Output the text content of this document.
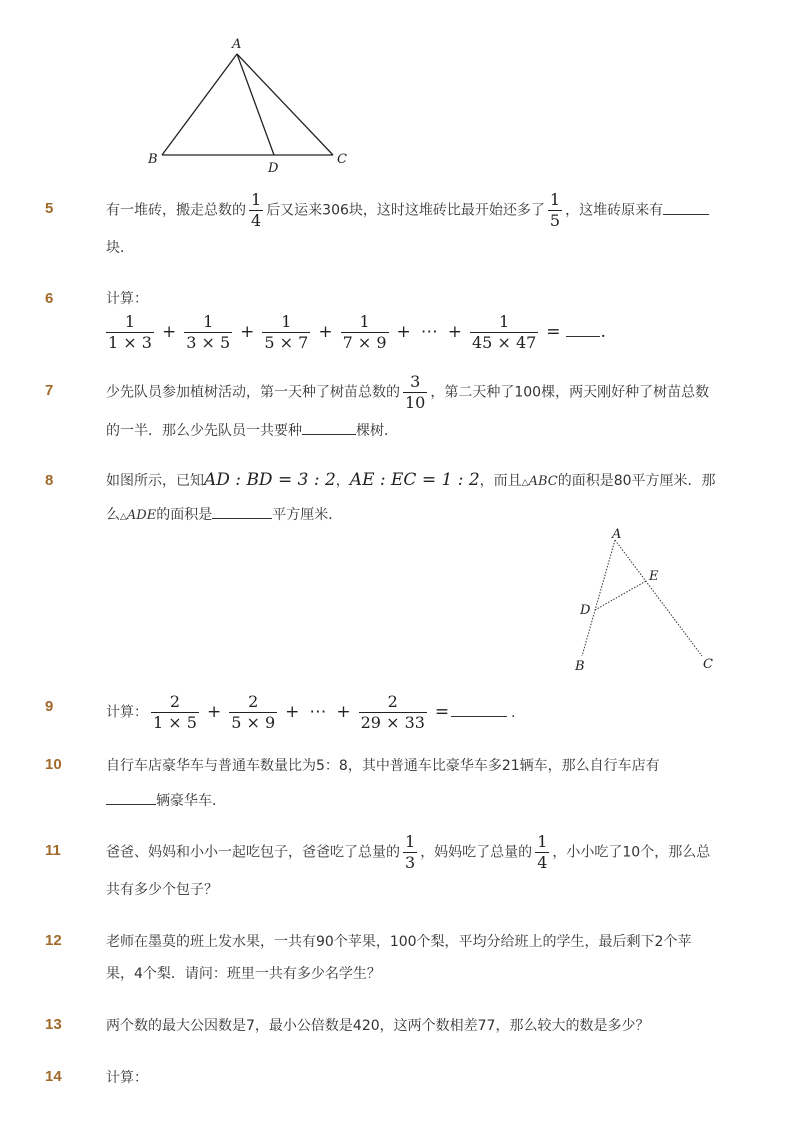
A
B	C
D
5	有一堆砖，搬走总数的 $\frac{1}{4}$ 后又运来306块，这时这堆砖比最开始还多了 $\frac{1}{5}$ ，这堆砖原来有
块．
6	计算：
$\frac{1}{1 \times 3} + \frac{1}{3 \times 5} + \frac{1}{5 \times 7} + \frac{1}{7 \times 9}$ + ⋯ + $\frac{1}{45 \times 47}$ = .
7	少先队员参加植树活动，第一天种了树苗总数的 $\frac{3}{10}$ ，第二天种了100棵，两天刚好种了树苗总数
的一半．那么少先队员一共要种	棵树．
8	如图所示，已知AD : BD = 3 : 2，AE : EC = 1 : 2，而且△ABC的面积是80平方厘米．那
么△ADE的面积是	平方厘米．
A
E
D
B	C
9	计算： $\frac{2}{1 \times 5} + \frac{2}{5 \times 9}$ + ⋯ + $\frac{2}{29 \times 33}$ =	．
10	自行车店豪华车与普通车数量比为5：8，其中普通车比豪华车多21辆车，那么自行车店有
辆豪华车．
11	爸爸、妈妈和小小一起吃包子，爸爸吃了总量的 $\frac{1}{3}$ ，妈妈吃了总量的 $\frac{1}{4}$ ，小小吃了10个，那么总
共有多少个包子？
12	老师在墨莫的班上发水果，一共有90个苹果，100个梨，平均分给班上的学生，最后剩下2个苹
果，4个梨．请问：班里一共有多少名学生？
13	两个数的最大公因数是7，最小公倍数是420，这两个数相差77，那么较大的数是多少？
14	计算：
